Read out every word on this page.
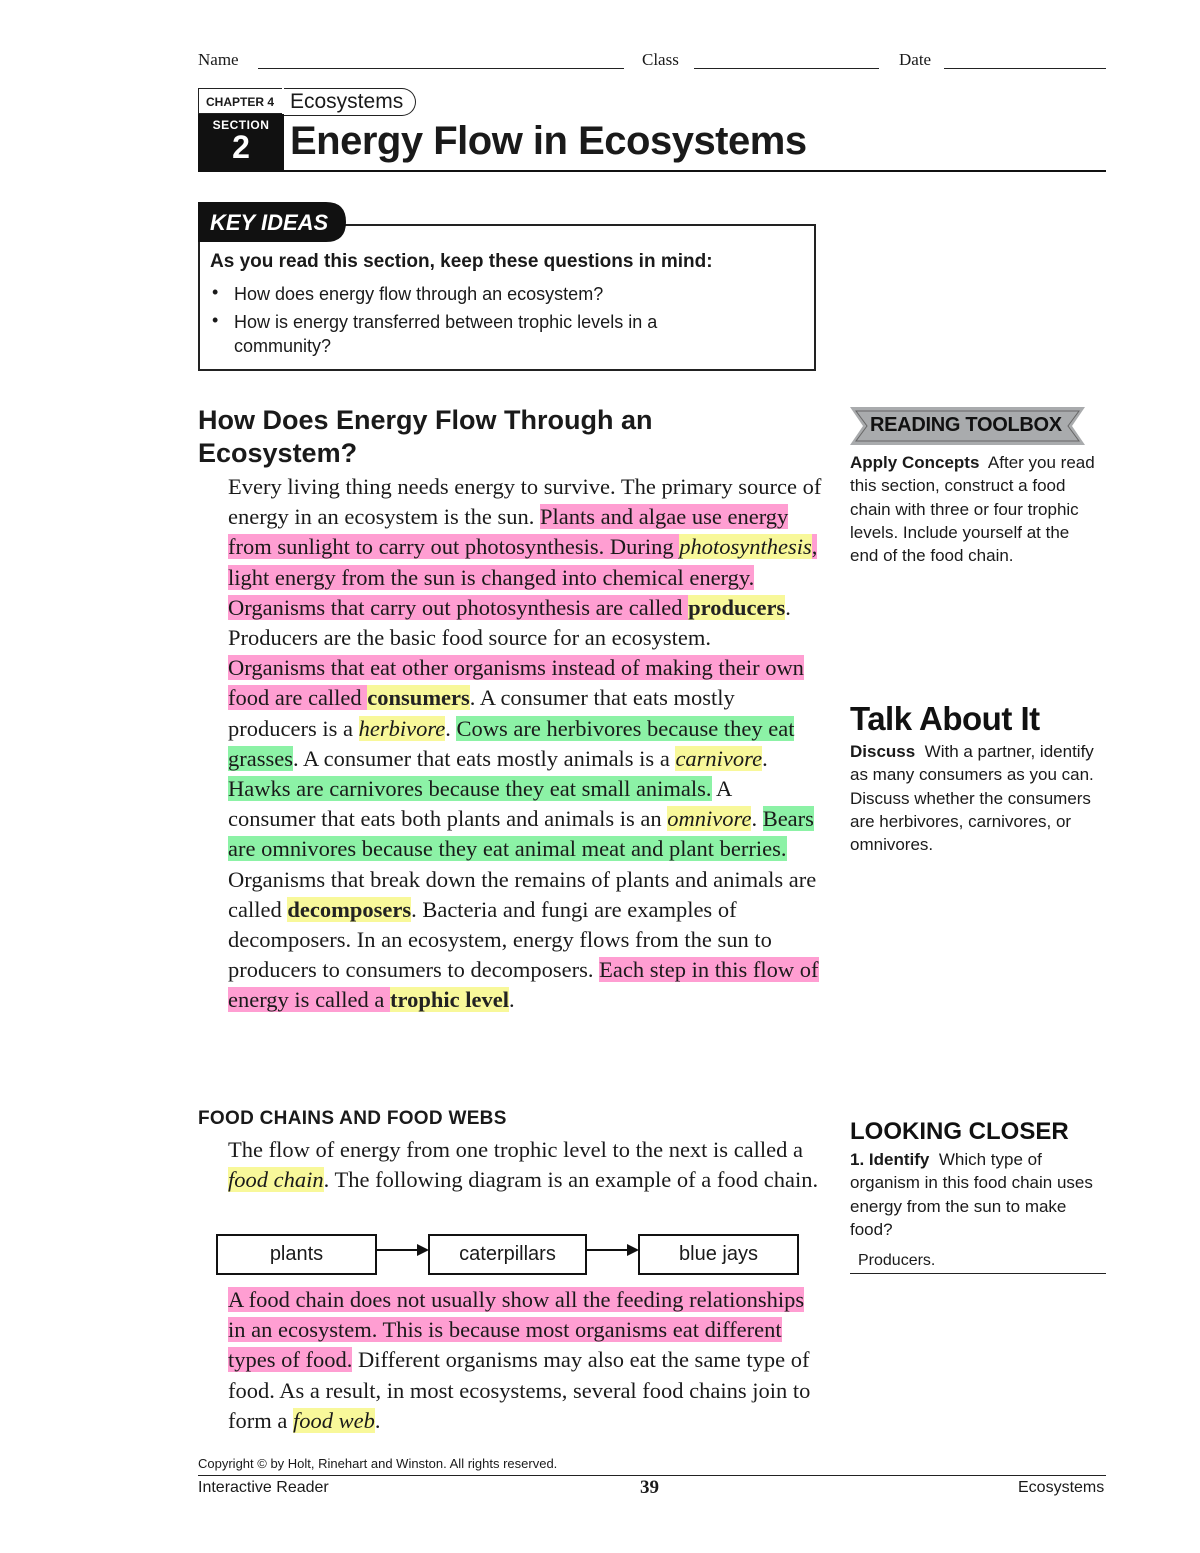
Name	Class	Date
CHAPTER 4 Ecosystems
SECTION
2	Energy Flow in Ecosystems
KEY IDEAS
As you read this section, keep these questions in mind:
• How does energy flow through an ecosystem?
• How is energy transferred between trophic levels in a
community?
How Does Energy Flow Through an Ecosystem?

Every living thing needs energy to survive. The primary source of energy in an ecosystem is the sun. Plants and algae use energy from sunlight to carry out photosynthesis. During photosynthesis, light energy from the sun is changed into chemical energy. Organisms that carry out photosynthesis are called producers. Producers are the basic food source for an ecosystem.

Organisms that eat other organisms instead of making their own food are called consumers. A consumer that eats mostly producers is a herbivore. Cows are herbivores because they eat grasses. A consumer that eats mostly animals is a carnivore. Hawks are carnivores because they eat small animals. A consumer that eats both plants and animals is an omnivore. Bears are omnivores because they eat animal meat and plant berries.

Organisms that break down the remains of plants and animals are called decomposers. Bacteria and fungi are examples of decomposers. In an ecosystem, energy flows from the sun to producers to consumers to decomposers. Each step in this flow of energy is called a trophic level.

FOOD CHAINS AND FOOD WEBS

The flow of energy from one trophic level to the next is called a food chain. The following diagram is an example of a food chain.

plants	caterpillars	blue jays

A food chain does not usually show all the feeding relationships in an ecosystem. This is because most organisms eat different types of food. Different organisms may also eat the same type of food. As a result, in most ecosystems, several food chains join to form a food web.

READING TOOLBOX
Apply Concepts After you read this section, construct a food chain with three or four trophic levels. Include yourself at the end of the food chain.
Talk About It
Discuss With a partner, identify as many consumers as you can. Discuss whether the consumers are herbivores, carnivores, or omnivores.
LOOKING CLOSER
1. Identify Which type of organism in this food chain uses energy from the sun to make food?
Producers.
Copyright © by Holt, Rinehart and Winston. All rights reserved.
Interactive Reader	39	Ecosystems
